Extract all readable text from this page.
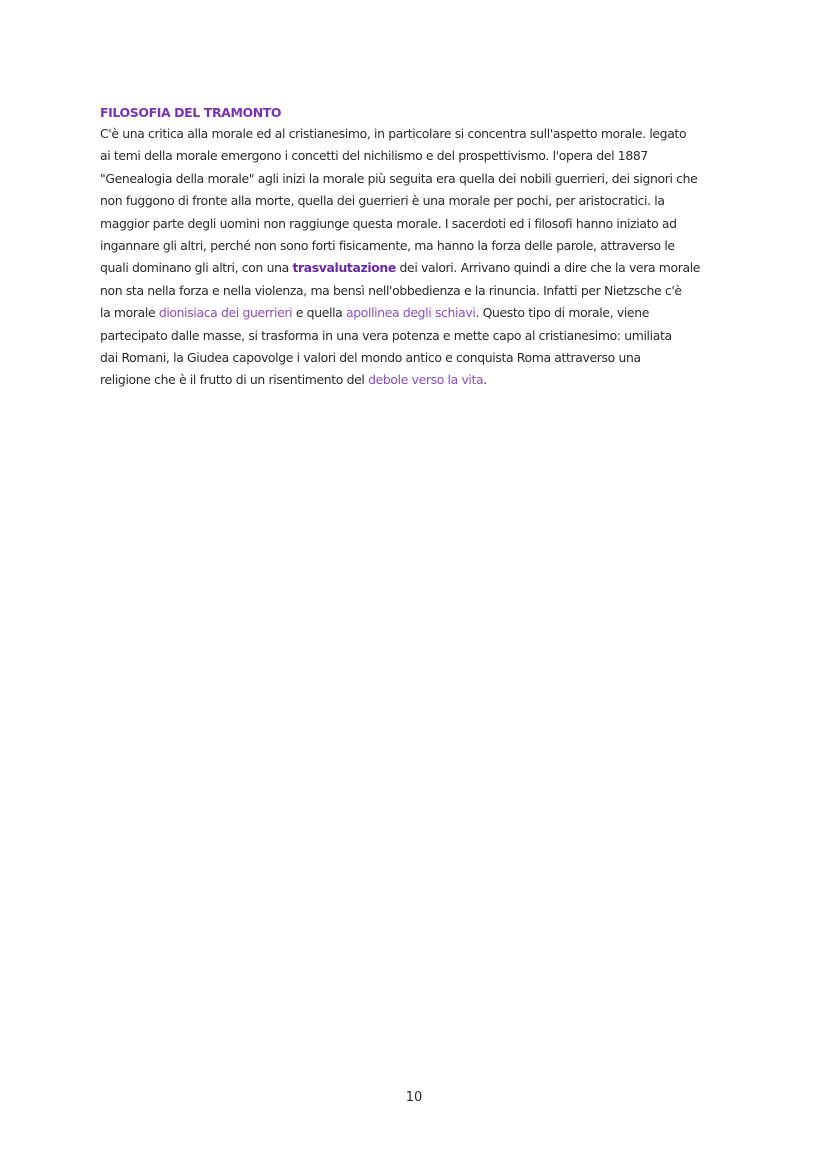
FILOSOFIA DEL TRAMONTO
C'è una critica alla morale ed al cristianesimo, in particolare si concentra sull'aspetto morale. legato
ai temi della morale emergono i concetti del nichilismo e del prospettivismo. l'opera del 1887
"Genealogia della morale" agli inizi la morale più seguita era quella dei nobili guerrieri, dei signori che
non fuggono di fronte alla morte, quella dei guerrieri è una morale per pochi, per aristocratici. la
maggior parte degli uomini non raggiunge questa morale. I sacerdoti ed i filosofi hanno iniziato ad
ingannare gli altri, perché non sono forti fisicamente, ma hanno la forza delle parole, attraverso le
quali dominano gli altri, con una trasvalutazione dei valori. Arrivano quindi a dire che la vera morale
non sta nella forza e nella violenza, ma bensì nell'obbedienza e la rinuncia. Infatti per Nietzsche c'è
la morale dionisiaca dei guerrieri e quella apollinea degli schiavi. Questo tipo di morale, viene
partecipato dalle masse, si trasforma in una vera potenza e mette capo al cristianesimo: umiliata
dai Romani, la Giudea capovolge i valori del mondo antico e conquista Roma attraverso una
religione che è il frutto di un risentimento del debole verso la vita.
10
